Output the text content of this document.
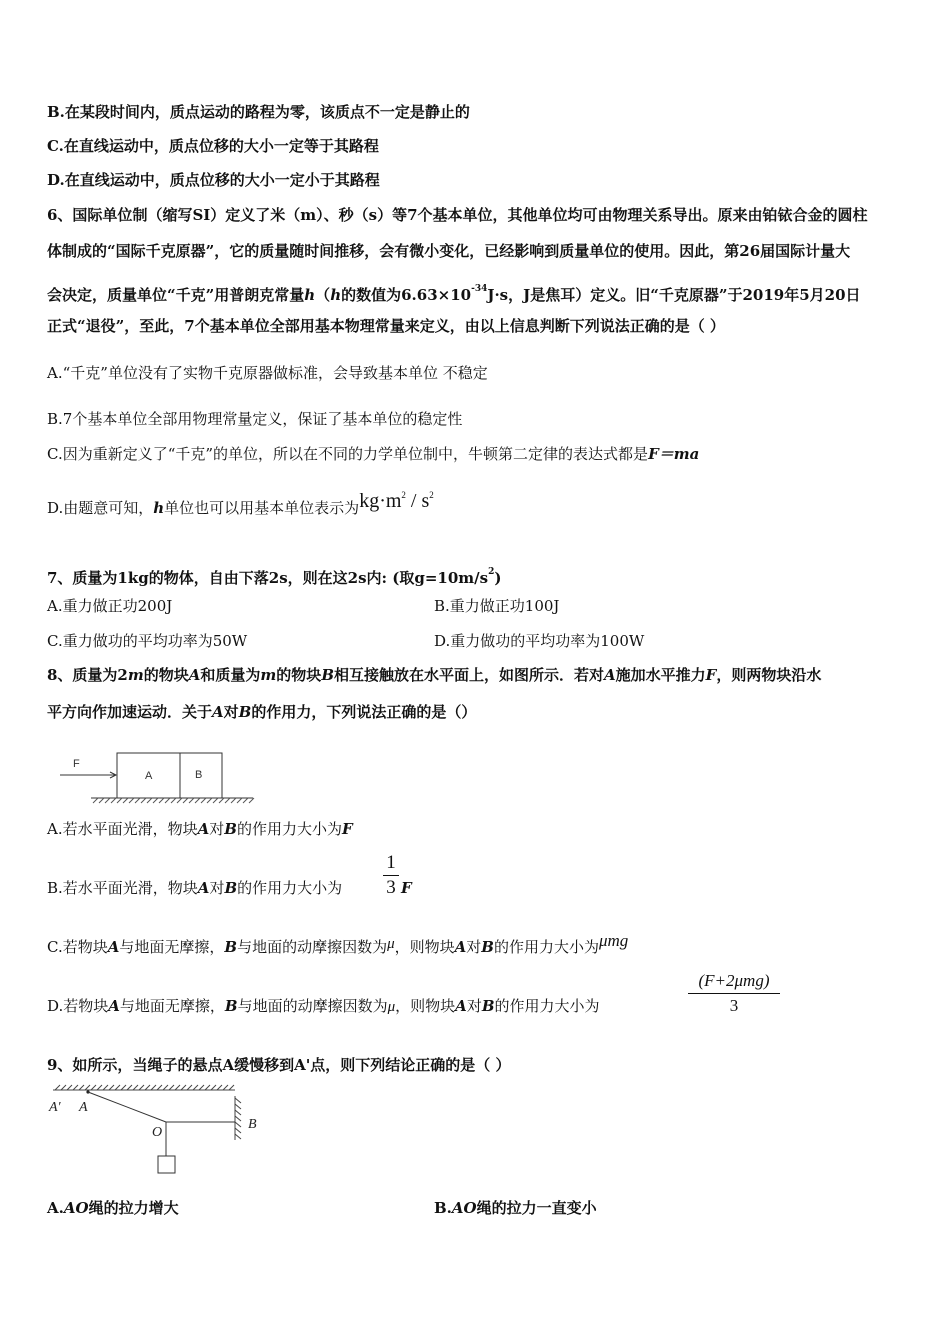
B.在某段时间内，质点运动的路程为零，该质点不一定是静止的
C.在直线运动中，质点位移的大小一定等于其路程
D.在直线运动中，质点位移的大小一定小于其路程
6、国际单位制（缩写SI）定义了米（m）、秒（s）等7个基本单位，其他单位均可由物理关系导出。原来由铂铱合金的圆柱
体制成的“国际千克原器”，它的质量随时间推移，会有微小变化，已经影响到质量单位的使用。因此，第26届国际计量大
会决定，质量单位“千克”用普朗克常量h（h的数值为$6.63\times 10^{-34}J\cdot s$，J是焦耳）定义。旧“千克原器”于2019年5月20日
正式“退役”，至此，7个基本单位全部用基本物理常量来定义，由以上信息判断下列说法正确的是（ ）
A.“千克”单位没有了实物千克原器做标准，会导致基本单位 不稳定
B.7个基本单位全部用物理常量定义，保证了基本单位的稳定性
C.因为重新定义了“千克”的单位，所以在不同的力学单位制中，牛顿第二定律的表达式都是F＝ma
D.由题意可知，h单位也可以用基本单位表示为$kg\cdot m^2 / s^2$
7、质量为1kg的物体，自由下落2s，则在这2s内: (取$g=10m/s^2$)
A.重力做正功200J	B.重力做正功100J
C.重力做功的平均功率为50W	D.重力做功的平均功率为100W
8、质量为2m的物块A和质量为m的物块B相互接触放在水平面上，如图所示．若对A施加水平推力F，则两物块沿水
平方向作加速运动．关于A对B的作用力，下列说法正确的是（）
F
A	B
A.若水平面光滑，物块A对B的作用力大小为F
B.若水平面光滑，物块A对B的作用力大小为
1
3 F
C.若物块A与地面无摩擦，B与地面的动摩擦因数为μ，则物块A对B的作用力大小为μmg
D.若物块A与地面无摩擦，B与地面的动摩擦因数为μ，则物块A对B的作用力大小为
(F+2μmg)
3
9、如所示，当绳子的悬点A缓慢移到A'点，则下列结论正确的是（ ）
A′ A
O
B
A.AO绳的拉力增大	B.AO绳的拉力一直变小
